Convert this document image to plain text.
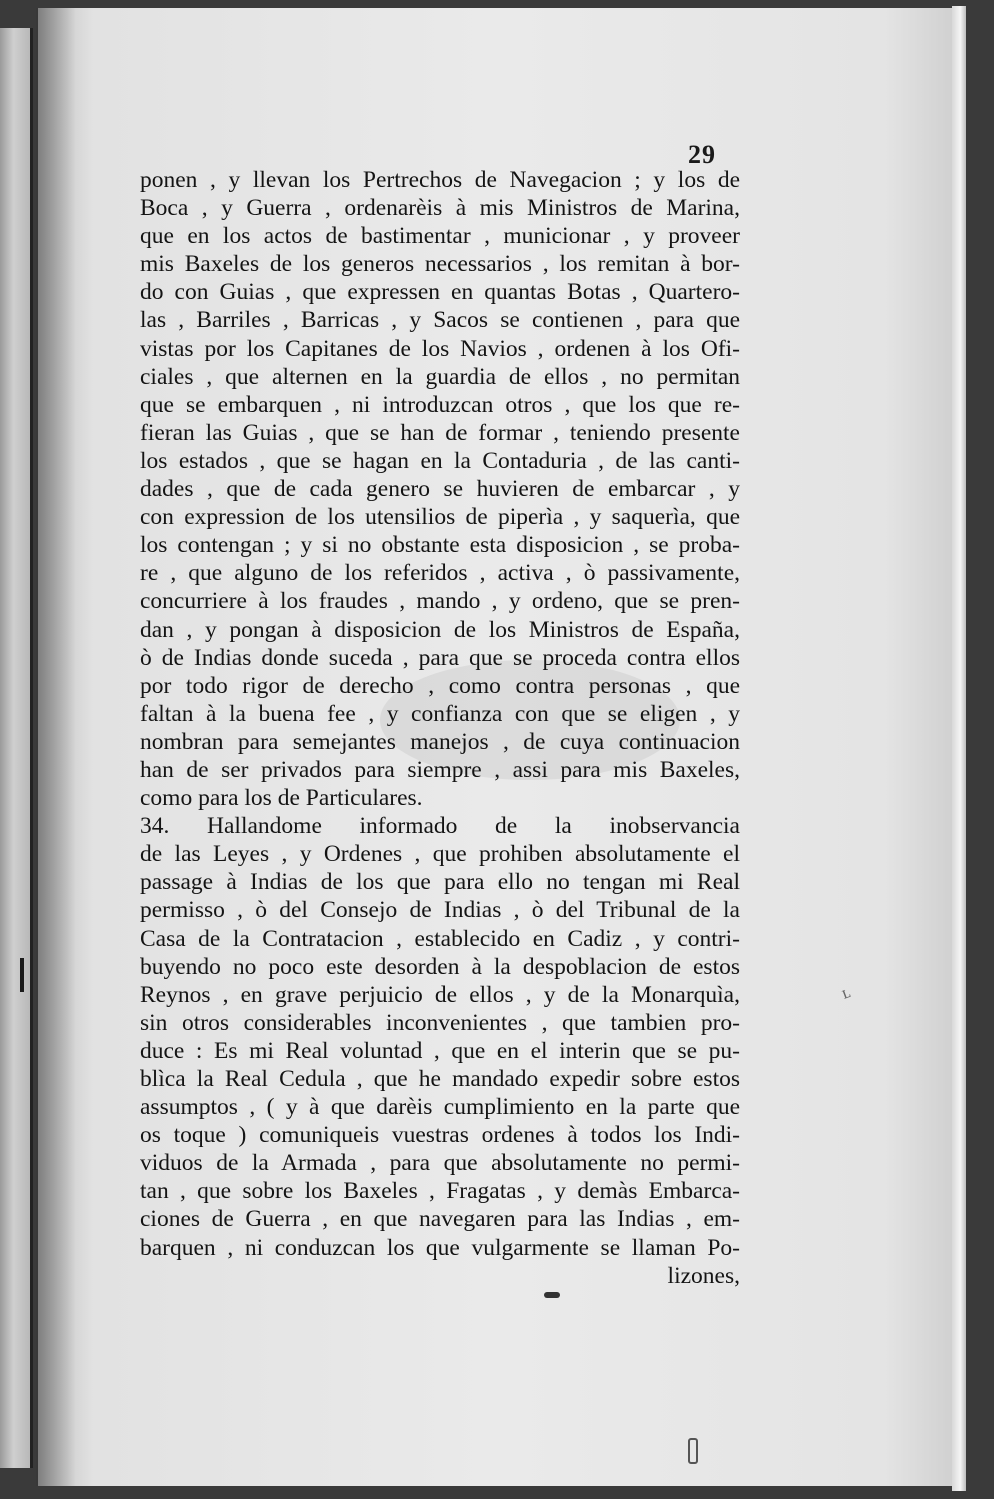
29
ponen , y llevan los Pertrechos de Navegacion ; y los de
Boca , y Guerra , ordenarèis à mis Ministros de Marina,
que en los actos de bastimentar , municionar , y proveer
mis Baxeles de los generos necessarios , los remitan à bor-
do con Guias , que expressen en quantas Botas , Quartero-
las , Barriles , Barricas , y Sacos se contienen , para que
vistas por los Capitanes de los Navios , ordenen à los Ofi-
ciales , que alternen en la guardia de ellos , no permitan
que se embarquen , ni introduzcan otros , que los que re-
fieran las Guias , que se han de formar , teniendo presente
los estados , que se hagan en la Contaduria , de las canti-
dades , que de cada genero se huvieren de embarcar , y
con expression de los utensilios de piperìa , y saquerìa, que
los contengan ; y si no obstante esta disposicion , se proba-
re , que alguno de los referidos , activa , ò passivamente,
concurriere à los fraudes , mando , y ordeno, que se pren-
dan , y pongan à disposicion de los Ministros de España,
ò de Indias donde suceda , para que se proceda contra ellos
por todo rigor de derecho , como contra personas , que
faltan à la buena fee , y confianza con que se eligen , y
nombran para semejantes manejos , de cuya continuacion
han de ser privados para siempre , assi para mis Baxeles,
como para los de Particulares.
34. Hallandome informado de la inobservancia
de las Leyes , y Ordenes , que prohiben absolutamente el
passage à Indias de los que para ello no tengan mi Real
permisso , ò del Consejo de Indias , ò del Tribunal de la
Casa de la Contratacion , establecido en Cadiz , y contri-
buyendo no poco este desorden à la despoblacion de estos
Reynos , en grave perjuicio de ellos , y de la Monarquìa,
sin otros considerables inconvenientes , que tambien pro-
duce : Es mi Real voluntad , que en el interin que se pu-
blìca la Real Cedula , que he mandado expedir sobre estos
assumptos , ( y à que darèis cumplimiento en la parte que
os toque ) comuniqueis vuestras ordenes à todos los Indi-
viduos de la Armada , para que absolutamente no permi-
tan , que sobre los Baxeles , Fragatas , y demàs Embarca-
ciones de Guerra , en que navegaren para las Indias , em-
barquen , ni conduzcan los que vulgarmente se llaman Po-
lizones,
ʟ
